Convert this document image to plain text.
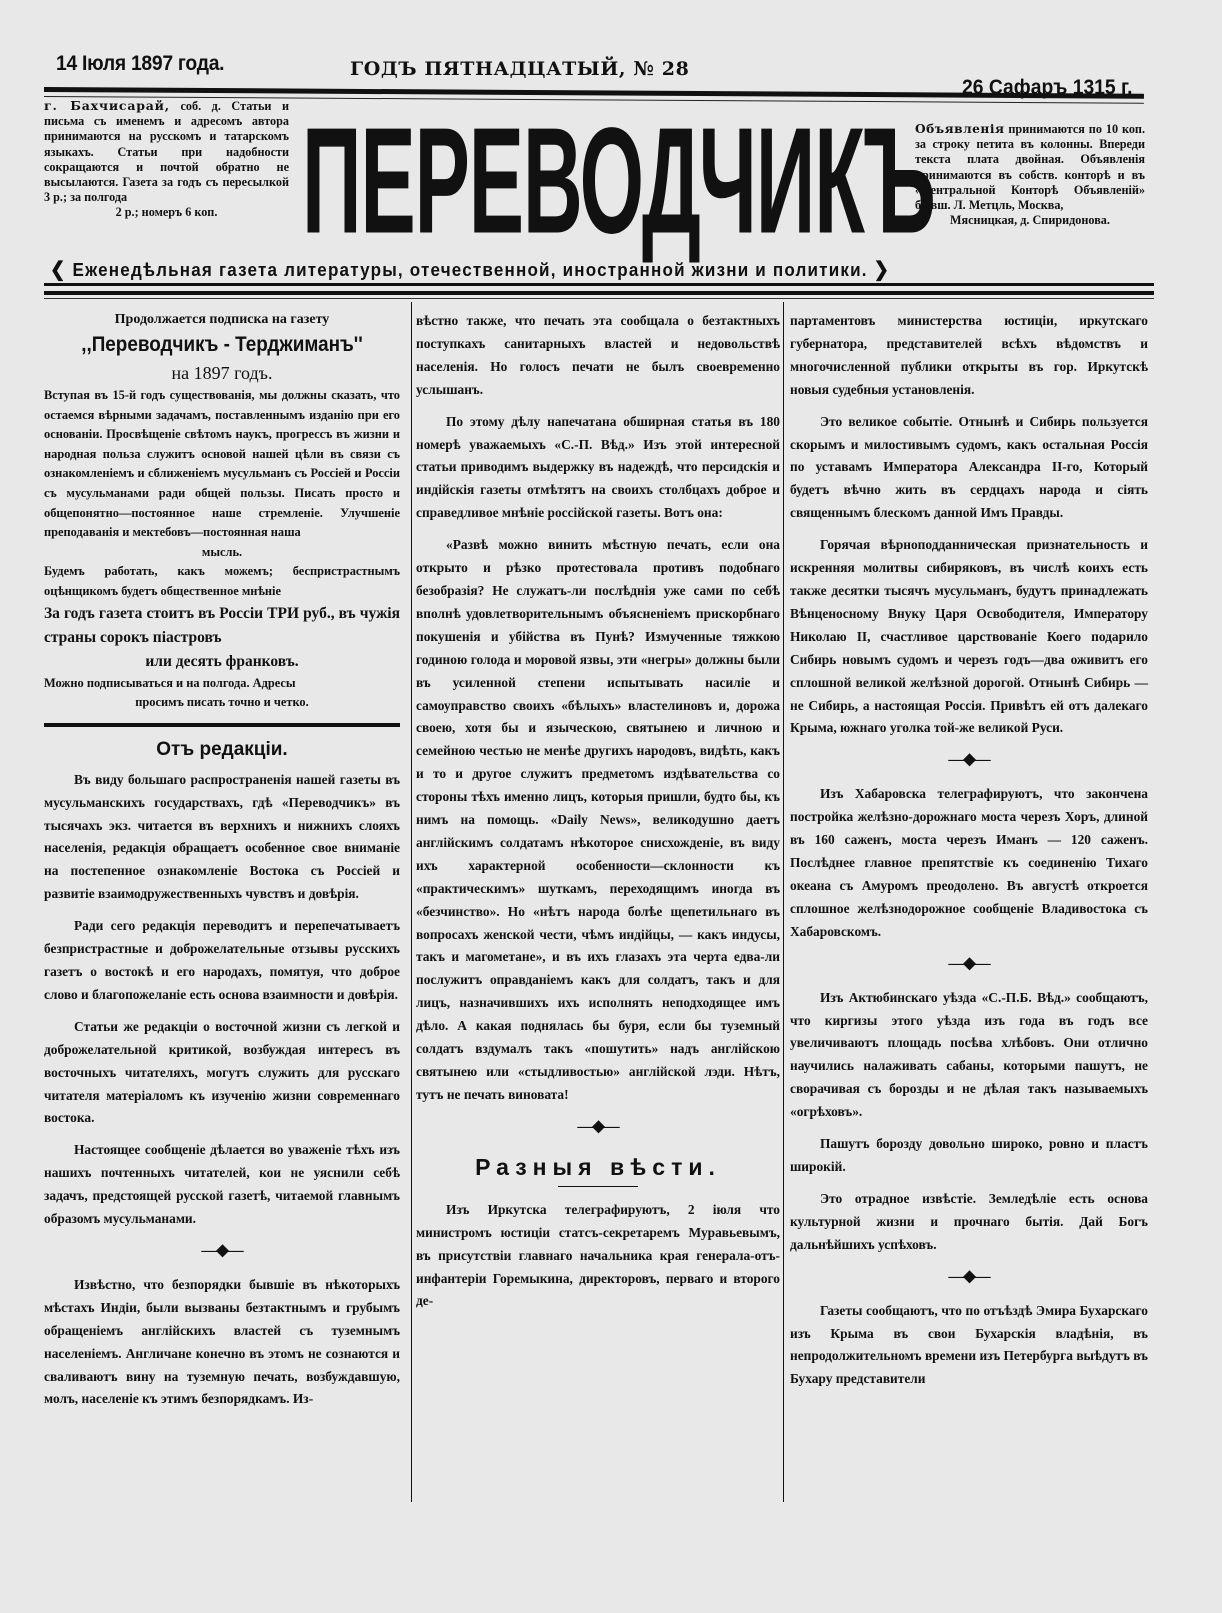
14 Іюля 1897 года.	ГОДЪ ПЯТНАДЦАТЫЙ, № 28
26 Сафаръ 1315 г.
г. Бахчисарай, соб. д. Статьи и письма съ именемъ и адресомъ автора принимаются на русскомъ и татарскомъ языкахъ. Статьи при надобности сокращаются и почтой обратно не высылаются. Газета за годъ съ пересылкой 3 р.; за полгода
2 р.; номеръ 6 коп. ПЕРЕВОДЧИКЪ
Объявленія принимаются по 10 коп. за строку петита въ колонны. Впереди текста плата двойная. Объявленія принимаются въ собств. конторѣ и въ «Центральной Конторѣ Объявленій» бывш. Л. Метцль, Москва,
Мясницкая, д. Спиридонова.
❮ Еженедѣльная газета литературы, отечественной, иностранной жизни и политики. ❯

Продолжается подписка на газету

,,Переводчикъ - Терджиманъ''

на 1897 годъ.

Вступая въ 15-й годъ существованія, мы должны сказать, что остаемся вѣрными задачамъ, поставленнымъ изданію при его основаніи. Просвѣщеніе свѣтомъ наукъ, прогрессъ въ жизни и народная польза служитъ основой нашей цѣли въ связи съ ознакомленіемъ и сближеніемъ мусульманъ съ Россіей и Россіи съ мусульманами ради общей пользы. Писать просто и общепонятно—постоянное наше стремленіе. Улучшеніе преподаванія и мектебовъ—постоянная наша

мысль.

Будемъ работать, какъ можемъ; беспристрастнымъ оцѣнщикомъ будетъ общественное мнѣніе

За годъ газета стоитъ въ Россіи ТРИ руб., въ чужія страны сорокъ піастровъ

или десять франковъ.

Можно подписываться и на полгода. Адресы

просимъ писать точно и четко.

Отъ редакціи.

Въ виду большаго распространенія нашей газеты въ мусульманскихъ государствахъ, гдѣ «Переводчикъ» въ тысячахъ экз. читается въ верхнихъ и нижнихъ слояхъ населенія, редакція обращаетъ особенное свое вниманіе на постепенное ознакомленіе Востока съ Россіей и развитіе взаимодружественныхъ чувствъ и довѣрія.

Ради сего редакція переводитъ и перепечатываетъ безпристрастные и доброжелательные отзывы русскихъ газетъ о востокѣ и его народахъ, помятуя, что доброе слово и благопожеланіе есть основа взаимности и довѣрія.

Статьи же редакціи о восточной жизни съ легкой и доброжелательной критикой, возбуждая интересъ въ восточныхъ читателяхъ, могутъ служить для русскаго читателя матеріаломъ къ изученію жизни современнаго востока.

Настоящее сообщеніе дѣлается во уваженіе тѣхъ изъ нашихъ почтенныхъ читателей, кои не уяснили себѣ задачъ, предстоящей русской газетѣ, читаемой главнымъ образомъ мусульманами.

—◆—

Извѣстно, что безпорядки бывшіе въ нѣкоторыхъ мѣстахъ Индіи, были вызваны безтактнымъ и грубымъ обращеніемъ англійскихъ властей съ туземнымъ населеніемъ. Англичане конечно въ этомъ не сознаются и сваливаютъ вину на туземную печать, возбуждавшую, молъ, населеніе къ этимъ безпорядкамъ. Из-

вѣстно также, что печать эта сообщала о безтактныхъ поступкахъ санитарныхъ властей и недовольствѣ населенія. Но голосъ печати не былъ своевременно услышанъ.

По этому дѣлу напечатана обширная статья въ 180 номерѣ уважаемыхъ «С.-П. Вѣд.» Изъ этой интересной статьи приводимъ выдержку въ надеждѣ, что персидскія и индійскія газеты отмѣтятъ на своихъ столбцахъ доброе и справедливое мнѣніе россійской газеты. Вотъ она:

«Развѣ можно винить мѣстную печать, если она открыто и рѣзко протестовала противъ подобнаго безобразія? Не служатъ-ли послѣднія уже сами по себѣ вполнѣ удовлетворительнымъ объясненіемъ прискорбнаго покушенія и убійства въ Пунѣ? Измученные тяжкою годиною голода и моровой язвы, эти «негры» должны были въ усиленной степени испытывать насиліе и самоуправство своихъ «бѣлыхъ» властелиновъ и, дорожа своею, хотя бы и языческою, святынею и личною и семейною честью не менѣе другихъ народовъ, видѣть, какъ и то и другое служитъ предметомъ издѣвательства со стороны тѣхъ именно лицъ, которыя пришли, будто бы, къ нимъ на помощь. «Daily News», великодушно даетъ англійскимъ солдатамъ нѣкоторое снисхожденіе, въ виду ихъ характерной особенности—склонности къ «практическимъ» шуткамъ, переходящимъ иногда въ «безчинство». Но «нѣтъ народа болѣе щепетильнаго въ вопросахъ женской чести, чѣмъ индійцы, — какъ индусы, такъ и магометане», и въ ихъ глазахъ эта черта едва-ли послужитъ оправданіемъ какъ для солдатъ, такъ и для лицъ, назначившихъ ихъ исполнять неподходящее имъ дѣло. А какая поднялась бы буря, если бы туземный солдатъ вздумалъ такъ «пошутить» надъ англійскою святынею или «стыдливостью» англійской лэди. Нѣтъ, тутъ не печать виновата!

—◆—

Разныя вѣсти.

Изъ Иркутска телеграфируютъ, 2 іюля что министромъ юстиціи статсъ-секретаремъ Муравьевымъ, въ присутствіи главнаго начальника края генерала-отъ-инфантеріи Горемыкина, директоровъ, перваго и второго де-

партаментовъ министерства юстиціи, иркутскаго губернатора, представителей всѣхъ вѣдомствъ и многочисленной публики открыты въ гор. Иркутскѣ новыя судебныя установленія.

Это великое событіе. Отнынѣ и Сибирь пользуется скорымъ и милостивымъ судомъ, какъ остальная Россія по уставамъ Императора Александра II-го, Который будетъ вѣчно жить въ сердцахъ народа и сіять священнымъ блескомъ данной Имъ Правды.

Горячая вѣрноподданническая признательность и искренняя молитвы сибиряковъ, въ числѣ коихъ есть также десятки тысячъ мусульманъ, будутъ принадлежать Вѣнценосному Внуку Царя Освободителя, Императору Николаю II, счастливое царствованіе Коего подарило Сибирь новымъ судомъ и черезъ годъ—два оживитъ его сплошной великой желѣзной дорогой. Отнынѣ Сибирь — не Сибирь, а настоящая Россія. Привѣтъ ей отъ далекаго Крыма, южнаго уголка той-же великой Руси.

—◆—

Изъ Хабаровска телеграфируютъ, что закончена постройка желѣзно-дорожнаго моста черезъ Хоръ, длиной въ 160 саженъ, моста черезъ Иманъ — 120 саженъ. Послѣднее главное препятствіе къ соединенію Тихаго океана съ Амуромъ преодолено. Въ августѣ откроется сплошное желѣзнодорожное сообщеніе Владивостока съ Хабаровскомъ.

—◆—

Изъ Актюбинскаго уѣзда «С.-П.Б. Вѣд.» сообщаютъ, что киргизы этого уѣзда изъ года въ годъ все увеличиваютъ площадь посѣва хлѣбовъ. Они отлично научились налаживать сабаны, которыми пашутъ, не сворачивая съ борозды и не дѣлая такъ называемыхъ «огрѣховъ».

Пашутъ борозду довольно широко, ровно и пластъ широкій.

Это отрадное извѣстіе. Земледѣліе есть основа культурной жизни и прочнаго бытія. Дай Богъ дальнѣйшихъ успѣховъ.

—◆—

Газеты сообщаютъ, что по отъѣздѣ Эмира Бухарскаго изъ Крыма въ свои Бухарскія владѣнія, въ непродолжительномъ времени изъ Петербурга выѣдутъ въ Бухару представители
